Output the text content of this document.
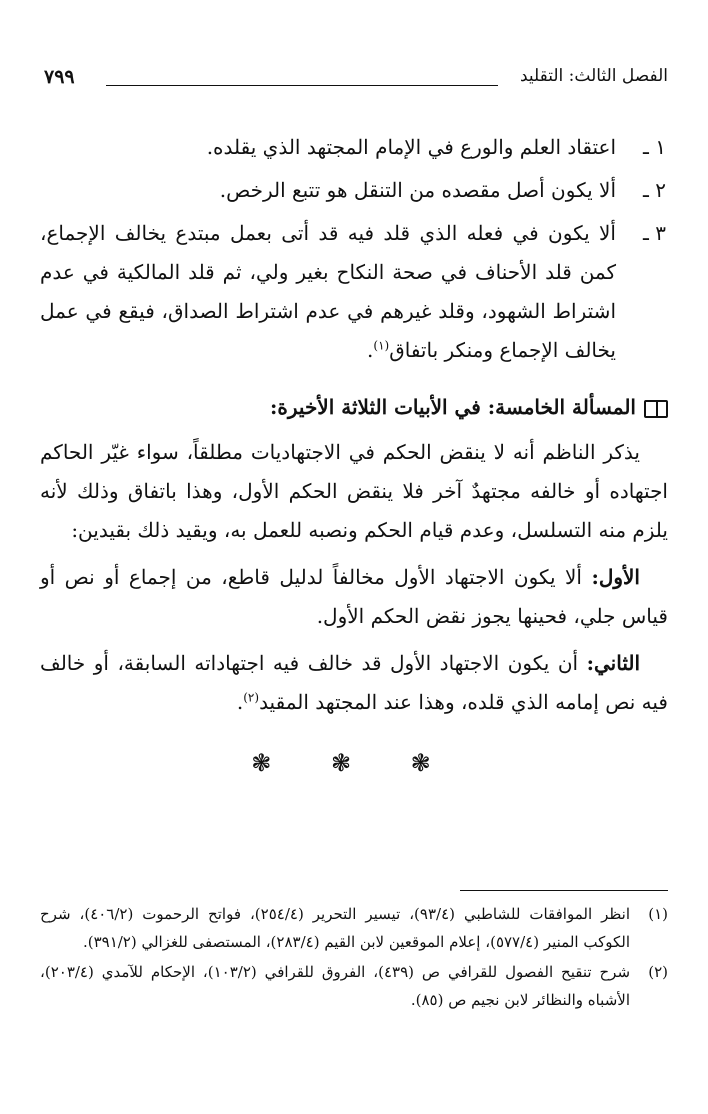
الفصل الثالث: التقليد
٧٩٩
١ ـ
اعتقاد العلم والورع في الإمام المجتهد الذي يقلده.
٢ ـ
ألا يكون أصل مقصده من التنقل هو تتبع الرخص.
٣ ـ
ألا يكون في فعله الذي قلد فيه قد أتى بعمل مبتدع يخالف الإجماع، كمن قلد الأحناف في صحة النكاح بغير ولي، ثم قلد المالكية في عدم اشتراط الشهود، وقلد غيرهم في عدم اشتراط الصداق، فيقع في عمل يخالف الإجماع ومنكر باتفاق$^{(١)}$.
المسألة الخامسة: في الأبيات الثلاثة الأخيرة:
يذكر الناظم أنه لا ينقض الحكم في الاجتهاديات مطلقاً، سواء غيّر الحاكم اجتهاده أو خالفه مجتهدٌ آخر فلا ينقض الحكم الأول، وهذا باتفاق وذلك لأنه يلزم منه التسلسل، وعدم قيام الحكم ونصبه للعمل به، ويقيد ذلك بقيدين:
الأول: ألا يكون الاجتهاد الأول مخالفاً لدليل قاطع، من إجماع أو نص أو قياس جلي، فحينها يجوز نقض الحكم الأول.
الثاني: أن يكون الاجتهاد الأول قد خالف فيه اجتهاداته السابقة، أو خالف فيه نص إمامه الذي قلده، وهذا عند المجتهد المقيد$^{(٢)}$.
❃ ❃ ❃
(١)
انظر الموافقات للشاطبي (٩٣/٤)، تيسير التحرير (٢٥٤/٤)، فواتح الرحموت (٤٠٦/٢)، شرح الكوكب المنير (٥٧٧/٤)، إعلام الموقعين لابن القيم (٢٨٣/٤)، المستصفى للغزالي (٣٩١/٢).
(٢)
شرح تنقيح الفصول للقرافي ص (٤٣٩)، الفروق للقرافي (١٠٣/٢)، الإحكام للآمدي (٢٠٣/٤)، الأشباه والنظائر لابن نجيم ص (٨٥).
